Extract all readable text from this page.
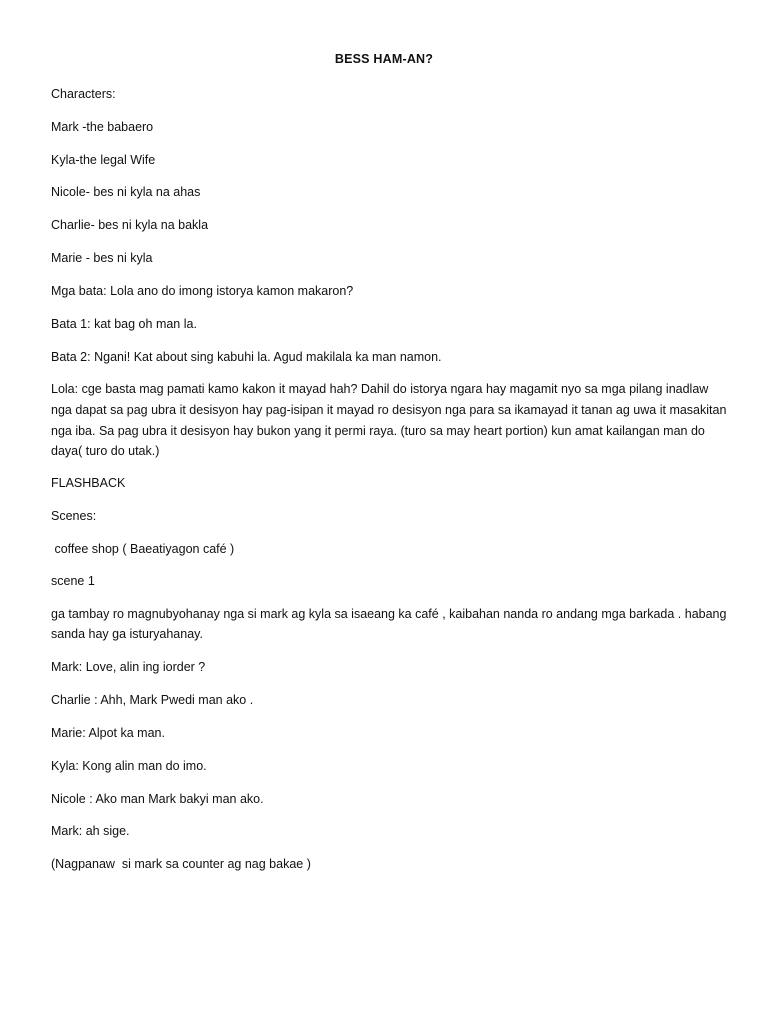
BESS HAM-AN?
Characters:
Mark -the babaero
Kyla-the legal Wife
Nicole- bes ni kyla na ahas
Charlie- bes ni kyla na bakla
Marie - bes ni kyla
Mga bata: Lola ano do imong istorya kamon makaron?
Bata 1: kat bag oh man la.
Bata 2: Ngani! Kat about sing kabuhi la. Agud makilala ka man namon.
Lola: cge basta mag pamati kamo kakon it mayad hah? Dahil do istorya ngara hay magamit nyo sa mga pilang inadlaw
nga dapat sa pag ubra it desisyon hay pag-isipan it mayad ro desisyon nga para sa ikamayad it tanan ag uwa it masakitan
nga iba. Sa pag ubra it desisyon hay bukon yang it permi raya. (turo sa may heart portion) kun amat kailangan man do
daya( turo do utak.)
FLASHBACK
Scenes:
coffee shop ( Baeatiyagon café )
scene 1
ga tambay ro magnubyohanay nga si mark ag kyla sa isaeang ka café , kaibahan nanda ro andang mga barkada . habang
sanda hay ga isturyahanay.
Mark: Love, alin ing iorder ?
Charlie : Ahh, Mark Pwedi man ako .
Marie: Alpot ka man.
Kyla: Kong alin man do imo.
Nicole : Ako man Mark bakyi man ako.
Mark: ah sige.
(Nagpanaw  si mark sa counter ag nag bakae )
